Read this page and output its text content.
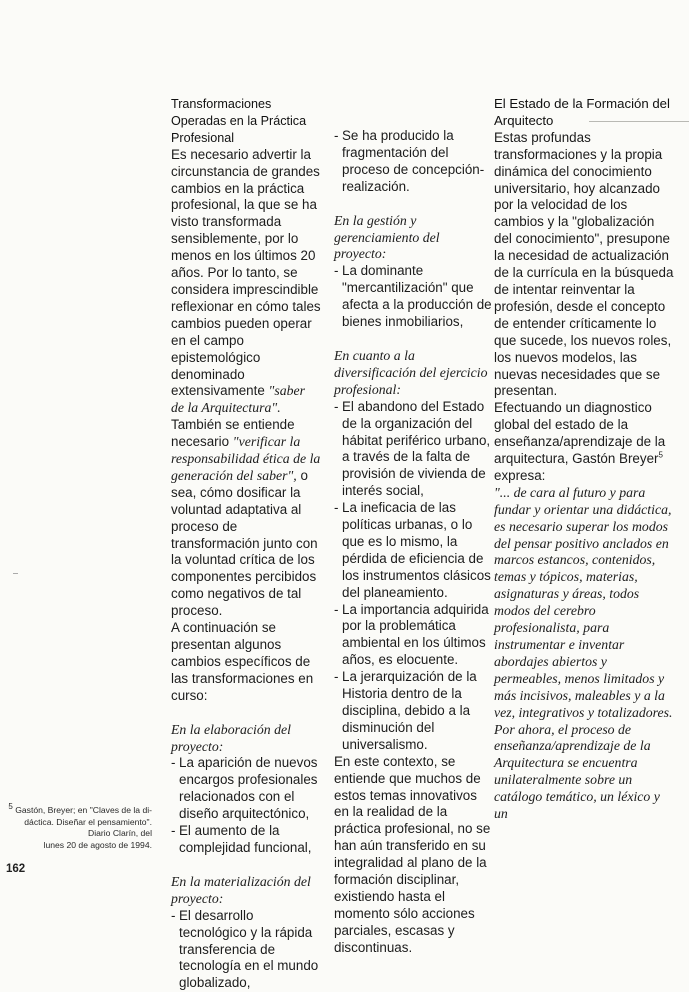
Transformaciones Operadas en la Práctica Profesional

Es necesario advertir la circunstancia de grandes cambios en la práctica profesional, la que se ha visto transformada sensiblemente, por lo menos en los últimos 20 años. Por lo tanto, se considera imprescindible reflexionar en cómo tales cambios pueden operar en el campo epistemológico denominado extensivamente "saber de la Arquitectura". También se entiende necesario "verificar la responsabilidad ética de la generación del saber", o sea, cómo dosificar la voluntad adaptativa al proceso de transformación junto con la voluntad crítica de los componentes percibidos como negativos de tal proceso.

A continuación se presentan algunos cambios específicos de las transformaciones en curso:

En la elaboración del proyecto:

- La aparición de nuevos encargos profesionales relacionados con el diseño arquitectónico,
- El aumento de la complejidad funcional,

En la materialización del proyecto:

- El desarrollo tecnológico y la rápida transferencia de tecnología en el mundo globalizado,
- Se ha producido la fragmentación del proceso de concepción-realización.

En la gestión y gerenciamiento del proyecto:

- La dominante "mercantilización" que afecta a la producción de bienes inmobiliarios,

En cuanto a la diversificación del ejercicio profesional:

- El abandono del Estado de la organización del hábitat periférico urbano, a través de la falta de provisión de vivienda de interés social,
- La ineficacia de las políticas urbanas, o lo que es lo mismo, la pérdida de eficiencia de los instrumentos clásicos del planeamiento.
- La importancia adquirida por la problemática ambiental en los últimos años, es elocuente.
- La jerarquización de la Historia dentro de la disciplina, debido a la disminución del universalismo.

En este contexto, se entiende que muchos de estos temas innovativos en la realidad de la práctica profesional, no se han aún transferido en su integralidad al plano de la formación disciplinar, existiendo hasta el momento sólo acciones parciales, escasas y discontinuas.

El Estado de la Formación del Arquitecto

Estas profundas transformaciones y la propia dinámica del conocimiento universitario, hoy alcanzado por la velocidad de los cambios y la "globalización del conocimiento", presupone la necesidad de actualización de la currícula en la búsqueda de intentar reinventar la profesión, desde el concepto de entender críticamente lo que sucede, los nuevos roles, los nuevos modelos, las nuevas necesidades que se presentan.

Efectuando un diagnostico global del estado de la enseñanza/aprendizaje de la arquitectura, Gastón Breyer$^5$ expresa:

"... de cara al futuro y para fundar y orientar una didáctica, es necesario superar los modos del pensar positivo anclados en marcos estancos, contenidos, temas y tópicos, materias, asignaturas y áreas, todos modos del cerebro profesionalista, para instrumentar e inventar abordajes abiertos y permeables, menos limitados y más incisivos, maleables y a la vez, integrativos y totalizadores. Por ahora, el proceso de enseñanza/aprendizaje de la Arquitectura se encuentra unilateralmente sobre un catálogo temático, un léxico y un

$^5$ Gastón, Breyer; en "Claves de la di-
dáctica. Diseñar el pensamiento".
Diario Clarín, del
lunes 20 de agosto de 1994.
162
